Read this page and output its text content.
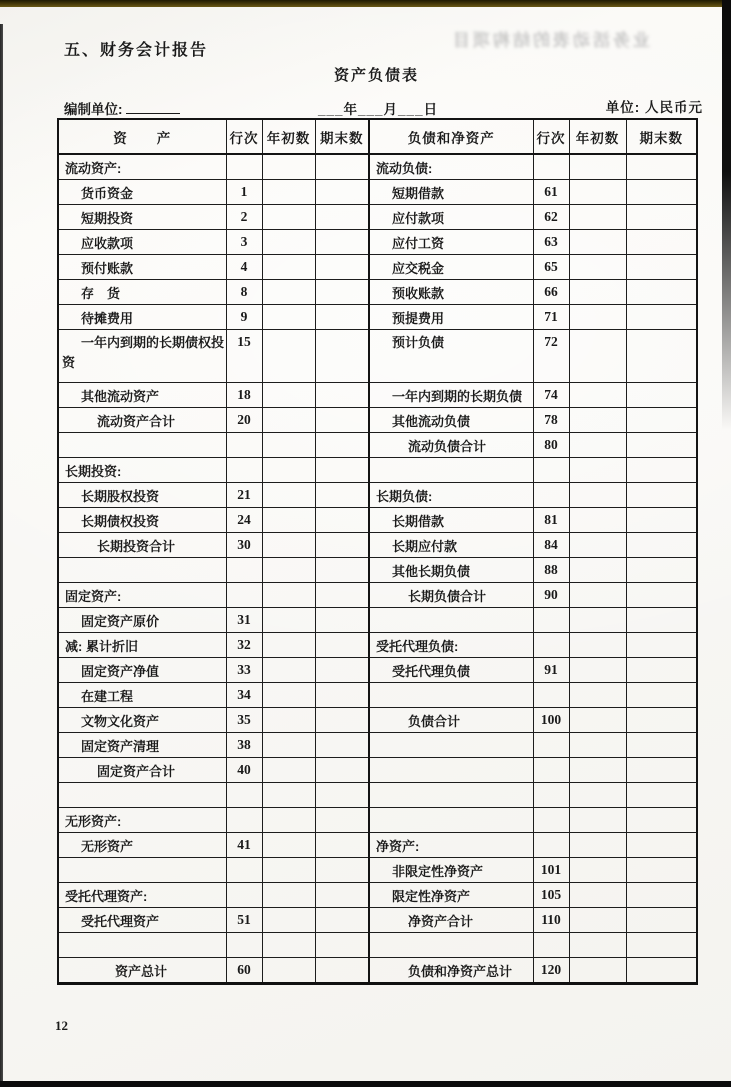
业务活动表的结构项目
五、财务会计报告
资产负债表
编制单位:	___年___月___日	单位: 人民币元
资　　产	行次	年初数	期末数	负债和净资产	行次	年初数	期末数
流动资产:				流动负债:			
货币资金	1			短期借款	61		
短期投资	2			应付款项	62		
应收款项	3			应付工资	63		
预付账款	4			应交税金	65		
存　货	8			预收账款	66		
待摊费用	9			预提费用	71		

一年内到期的长期债权投资	15			预计负债	72		
其他流动资产	18			一年内到期的长期负债	74		
流动资产合计	20			其他流动负债	78		
				流动负债合计	80		
长期投资:							
长期股权投资	21			长期负债:			
长期债权投资	24			长期借款	81		
长期投资合计	30			长期应付款	84		
				其他长期负债	88		
固定资产:				长期负债合计	90		
固定资产原价	31						
减: 累计折旧	32			受托代理负债:			
固定资产净值	33			受托代理负债	91		
在建工程	34						
文物文化资产	35			负债合计	100		
固定资产清理	38						
固定资产合计	40						

无形资产:							
无形资产	41			净资产:			
				非限定性净资产	101		
受托代理资产:				限定性净资产	105		
受托代理资产	51			净资产合计	110		

资产总计	60			负债和净资产总计	120		
12
